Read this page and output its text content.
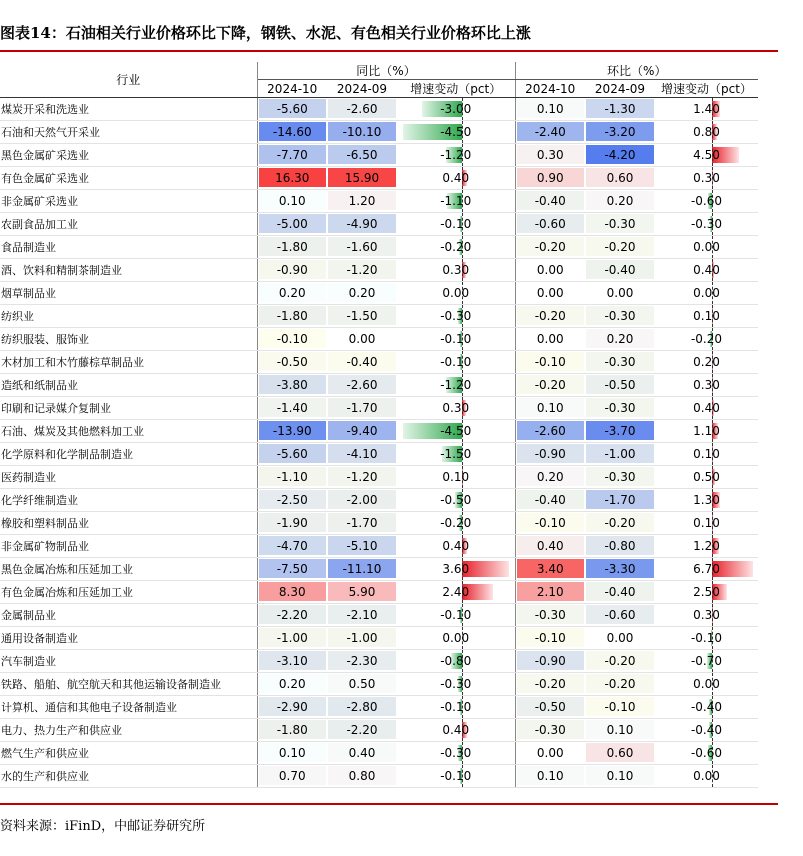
图表14：石油相关行业价格环比下降，钢铁、水泥、有色相关行业价格环比上涨
行业	同比（%）			环比（%）		
	2024-10	2024-09	增速变动（pct）	2024-10	2024-09	增速变动（pct）
煤炭开采和洗选业	-5.60	-2.60	-3.00	0.10	-1.30	1.40
石油和天然气开采业	-14.60	-10.10	-4.50	-2.40	-3.20	0.80
黑色金属矿采选业	-7.70	-6.50	-1.20	0.30	-4.20	4.50
有色金属矿采选业	16.30	15.90	0.40	0.90	0.60	0.30
非金属矿采选业	0.10	1.20	-1.10	-0.40	0.20	-0.60
农副食品加工业	-5.00	-4.90	-0.10	-0.60	-0.30	-0.30
食品制造业	-1.80	-1.60	-0.20	-0.20	-0.20	0.00
酒、饮料和精制茶制造业	-0.90	-1.20	0.30	0.00	-0.40	0.40
烟草制品业	0.20	0.20	0.00	0.00	0.00	0.00
纺织业	-1.80	-1.50	-0.30	-0.20	-0.30	0.10
纺织服装、服饰业	-0.10	0.00	-0.10	0.00	0.20	-0.20
木材加工和木竹藤棕草制品业	-0.50	-0.40	-0.10	-0.10	-0.30	0.20
造纸和纸制品业	-3.80	-2.60	-1.20	-0.20	-0.50	0.30
印刷和记录媒介复制业	-1.40	-1.70	0.30	0.10	-0.30	0.40
石油、煤炭及其他燃料加工业	-13.90	-9.40	-4.50	-2.60	-3.70	1.10
化学原料和化学制品制造业	-5.60	-4.10	-1.50	-0.90	-1.00	0.10
医药制造业	-1.10	-1.20	0.10	0.20	-0.30	0.50
化学纤维制造业	-2.50	-2.00	-0.50	-0.40	-1.70	1.30
橡胶和塑料制品业	-1.90	-1.70	-0.20	-0.10	-0.20	0.10
非金属矿物制品业	-4.70	-5.10	0.40	0.40	-0.80	1.20
黑色金属冶炼和压延加工业	-7.50	-11.10	3.60	3.40	-3.30	6.70
有色金属冶炼和压延加工业	8.30	5.90	2.40	2.10	-0.40	2.50
金属制品业	-2.20	-2.10	-0.10	-0.30	-0.60	0.30
通用设备制造业	-1.00	-1.00	0.00	-0.10	0.00	-0.10
汽车制造业	-3.10	-2.30	-0.80	-0.90	-0.20	-0.70
铁路、船舶、航空航天和其他运输设备制造业	0.20	0.50	-0.30	-0.20	-0.20	0.00
计算机、通信和其他电子设备制造业	-2.90	-2.80	-0.10	-0.50	-0.10	-0.40
电力、热力生产和供应业	-1.80	-2.20	0.40	-0.30	0.10	-0.40
燃气生产和供应业	0.10	0.40	-0.30	0.00	0.60	-0.60
水的生产和供应业	0.70	0.80	-0.10	0.10	0.10	0.00
资料来源：iFinD，中邮证券研究所
